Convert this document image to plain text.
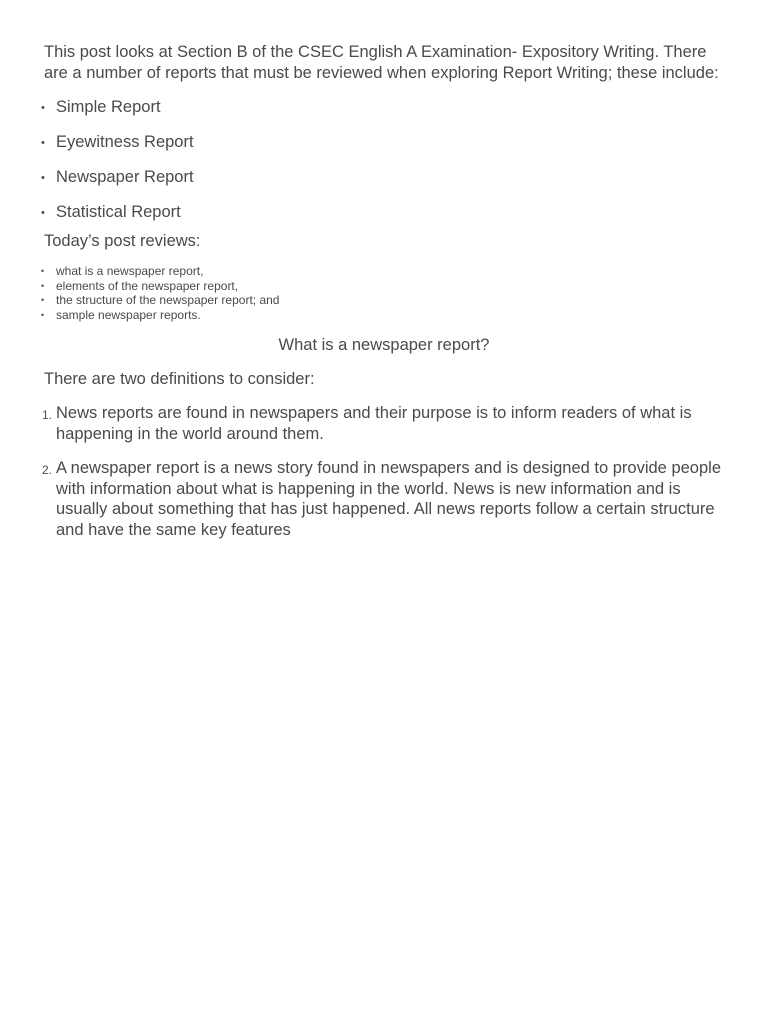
This post looks at Section B of the CSEC English A Examination- Expository Writing. There are a number of reports that must be reviewed when exploring Report Writing; these include:

• Simple Report
• Eyewitness Report
• Newspaper Report
• Statistical Report

Today’s post reviews:

• what is a newspaper report,
• elements of the newspaper report,
• the structure of the newspaper report; and
• sample newspaper reports.

What is a newspaper report?

There are two definitions to consider:

1. News reports are found in newspapers and their purpose is to inform readers of what is happening in the world around them.
2. A newspaper report is a news story found in newspapers and is designed to provide people with information about what is happening in the world. News is new information and is usually about something that has just happened. All news reports follow a certain structure and have the same key features
